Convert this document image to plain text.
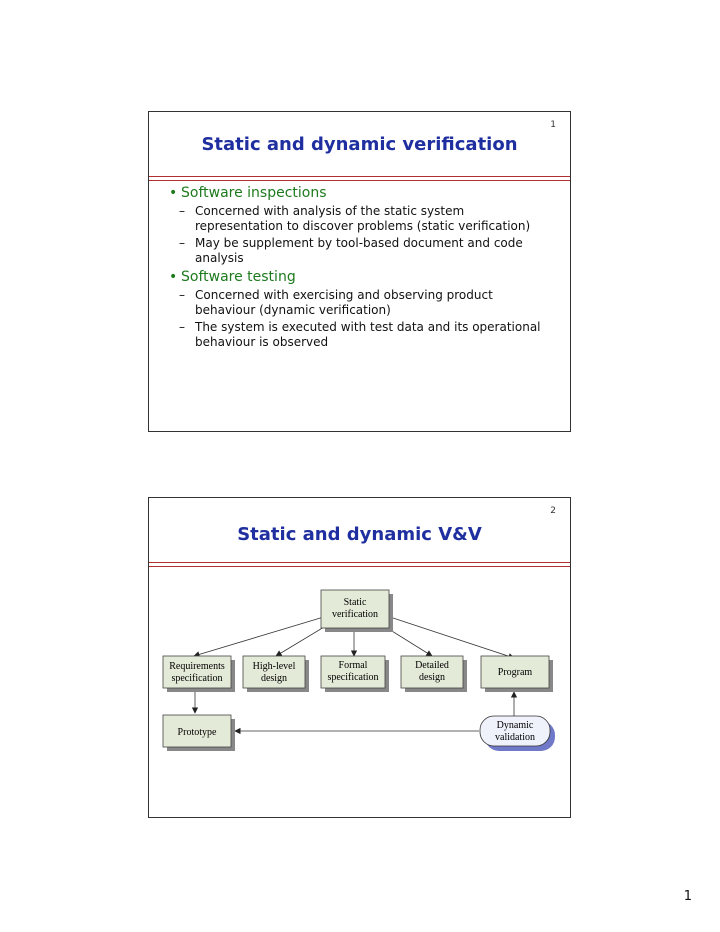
1
Static and dynamic verification
• Software inspections
– Concerned with analysis of the static system representation to discover problems (static verification)
– May be supplement by tool-based document and code analysis
• Software testing
– Concerned with exercising and observing product behaviour (dynamic verification)
– The system is executed with test data and its operational behaviour is observed
2
Static and dynamic V&V
Static
verification
Requirements
specification
High-level
design
Formal
specification
Detailed
design	Program
Prototype
Dynamic
validation
1
